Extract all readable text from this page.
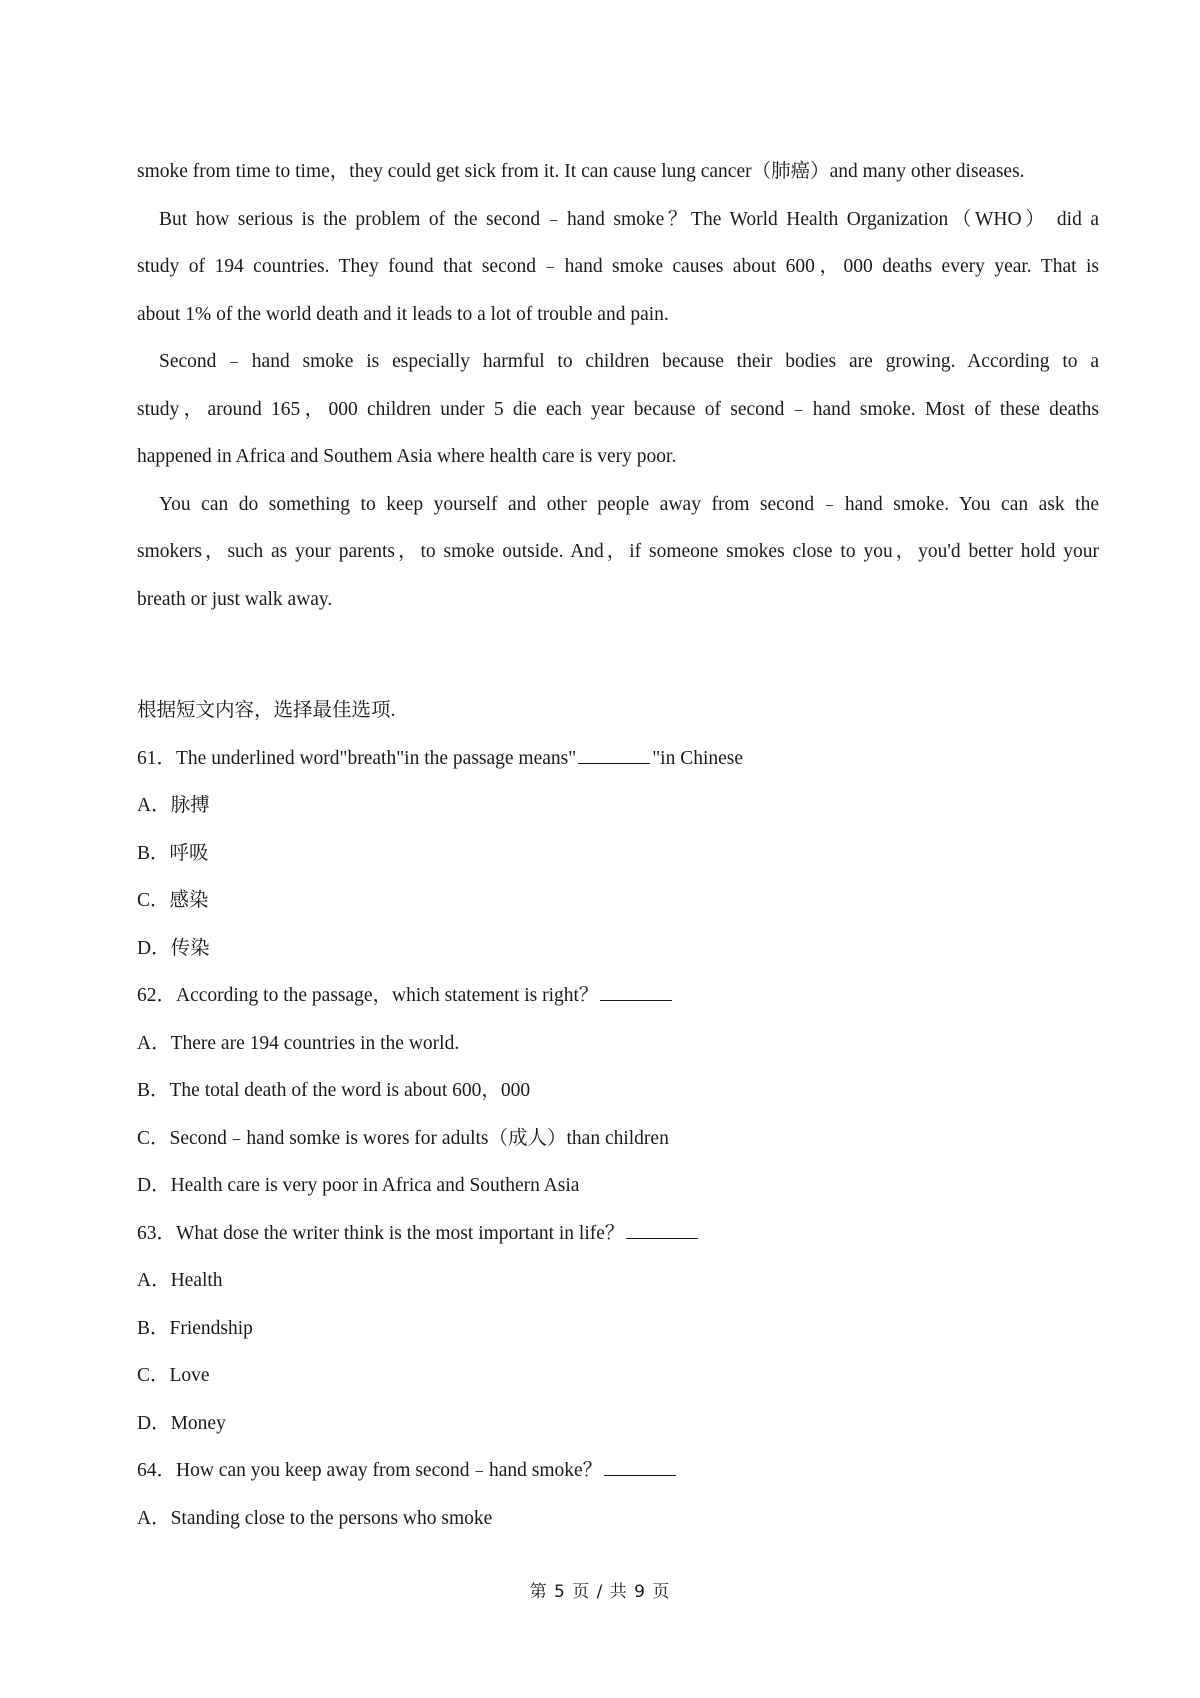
smoke from time to time，they could get sick from it. It can cause lung cancer（肺癌）and many other diseases.

But how serious is the problem of the second﹣hand smoke？The World Health Organization（WHO） did a
study of 194 countries. They found that second﹣hand smoke causes about 600，000 deaths every year. That is
about 1% of the world death and it leads to a lot of trouble and pain.

Second﹣hand smoke is especially harmful to children because their bodies are growing. According to a
study，around 165，000 children under 5 die each year because of second﹣hand smoke. Most of these deaths
happened in Africa and Southem Asia where health care is very poor.

You can do something to keep yourself and other people away from second﹣hand smoke. You can ask the
smokers，such as your parents，to smoke outside. And，if someone smokes close to you，you'd better hold your
breath or just walk away.

根据短文内容，选择最佳选项.
61．The underlined word"breath"in the passage means"	"in Chinese
A．脉搏
B．呼吸
C．感染
D．传染
62．According to the passage，which statement is right？
A．There are 194 countries in the world.
B．The total death of the word is about 600，000
C．Second﹣hand somke is wores for adults（成人）than children
D．Health care is very poor in Africa and Southern Asia
63．What dose the writer think is the most important in life？
A．Health
B．Friendship
C．Love
D．Money
64．How can you keep away from second﹣hand smoke？
A．Standing close to the persons who smoke
第 5 页 / 共 9 页
